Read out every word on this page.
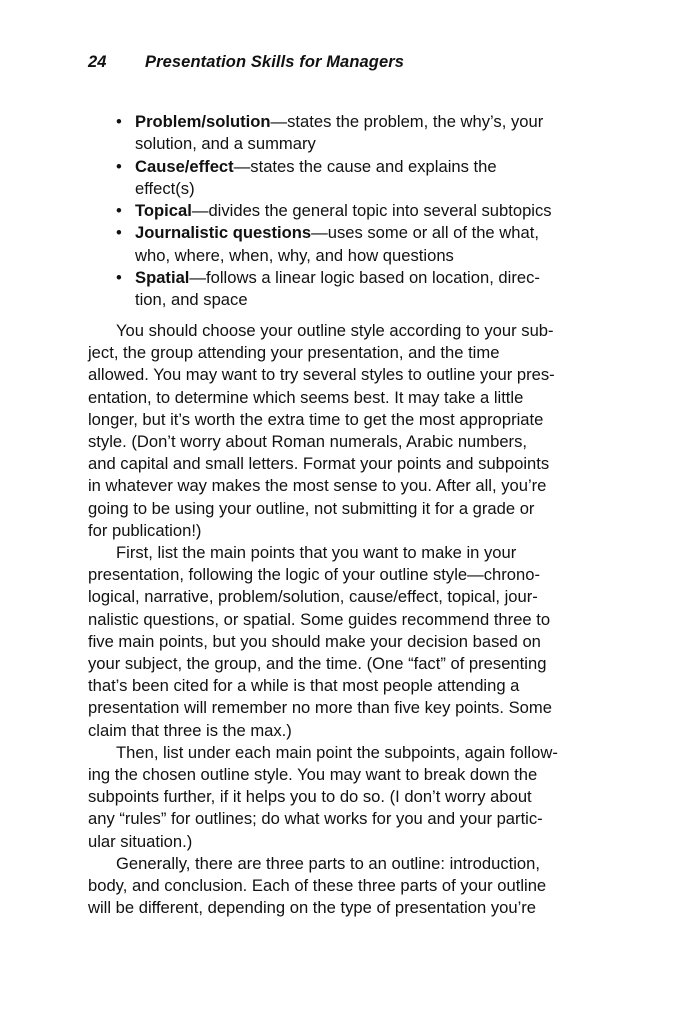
24 Presentation Skills for Managers
• Problem/solution—states the problem, the why’s, your
solution, and a summary
• Cause/effect—states the cause and explains the
effect(s)
• Topical—divides the general topic into several subtopics
• Journalistic questions—uses some or all of the what,
who, where, when, why, and how questions
• Spatial—follows a linear logic based on location, direc-
tion, and space

You should choose your outline style according to your sub-
ject, the group attending your presentation, and the time
allowed. You may want to try several styles to outline your pres-
entation, to determine which seems best. It may take a little
longer, but it’s worth the extra time to get the most appropriate
style. (Don’t worry about Roman numerals, Arabic numbers,
and capital and small letters. Format your points and subpoints
in whatever way makes the most sense to you. After all, you’re
going to be using your outline, not submitting it for a grade or
for publication!)

First, list the main points that you want to make in your
presentation, following the logic of your outline style—chrono-
logical, narrative, problem/solution, cause/effect, topical, jour-
nalistic questions, or spatial. Some guides recommend three to
five main points, but you should make your decision based on
your subject, the group, and the time. (One “fact” of presenting
that’s been cited for a while is that most people attending a
presentation will remember no more than five key points. Some
claim that three is the max.)

Then, list under each main point the subpoints, again follow-
ing the chosen outline style. You may want to break down the
subpoints further, if it helps you to do so. (I don’t worry about
any “rules” for outlines; do what works for you and your partic-
ular situation.)

Generally, there are three parts to an outline: introduction,
body, and conclusion. Each of these three parts of your outline
will be different, depending on the type of presentation you’re
